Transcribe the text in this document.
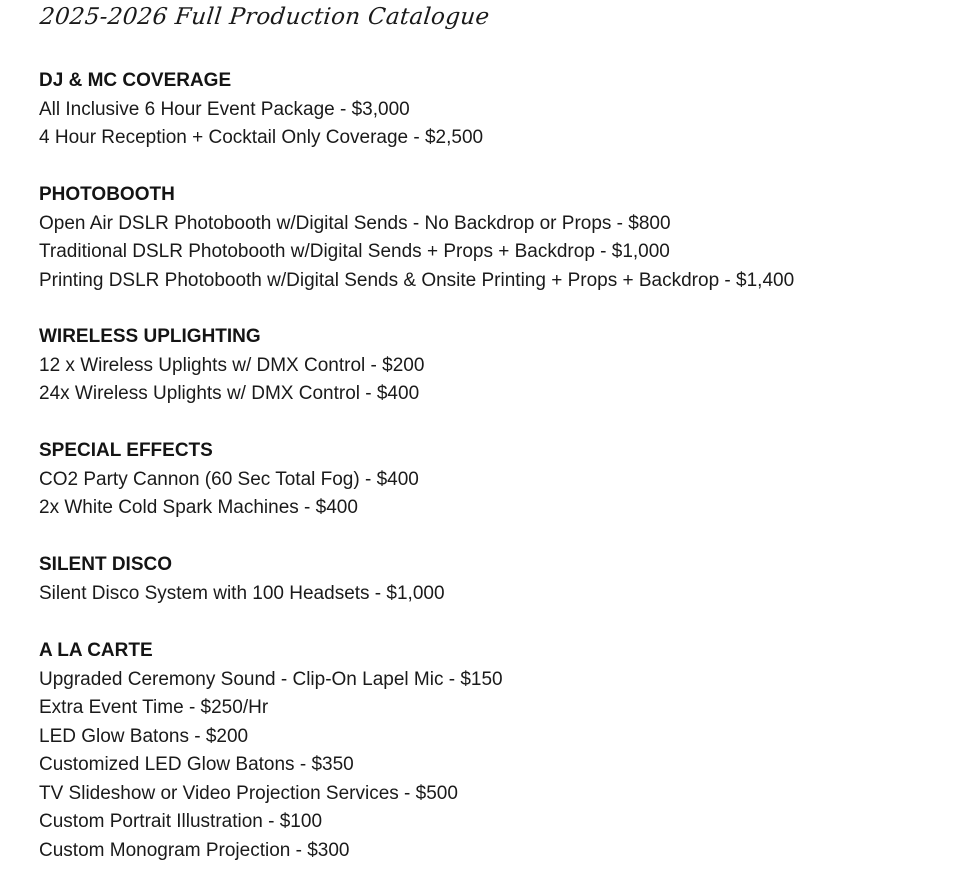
2025-2026 Full Production Catalogue
DJ & MC COVERAGE
All Inclusive 6 Hour Event Package - $3,000
4 Hour Reception + Cocktail Only Coverage - $2,500
PHOTOBOOTH
Open Air DSLR Photobooth w/Digital Sends - No Backdrop or Props - $800
Traditional DSLR Photobooth w/Digital Sends + Props + Backdrop - $1,000
Printing DSLR Photobooth w/Digital Sends & Onsite Printing + Props + Backdrop - $1,400
WIRELESS UPLIGHTING
12 x Wireless Uplights w/ DMX Control - $200
24x Wireless Uplights w/ DMX Control - $400
SPECIAL EFFECTS
CO2 Party Cannon (60 Sec Total Fog) - $400
2x White Cold Spark Machines - $400
SILENT DISCO
Silent Disco System with 100 Headsets - $1,000
A LA CARTE
Upgraded Ceremony Sound - Clip-On Lapel Mic - $150
Extra Event Time - $250/Hr
LED Glow Batons - $200
Customized LED Glow Batons - $350
TV Slideshow or Video Projection Services - $500
Custom Portrait Illustration - $100
Custom Monogram Projection - $300
